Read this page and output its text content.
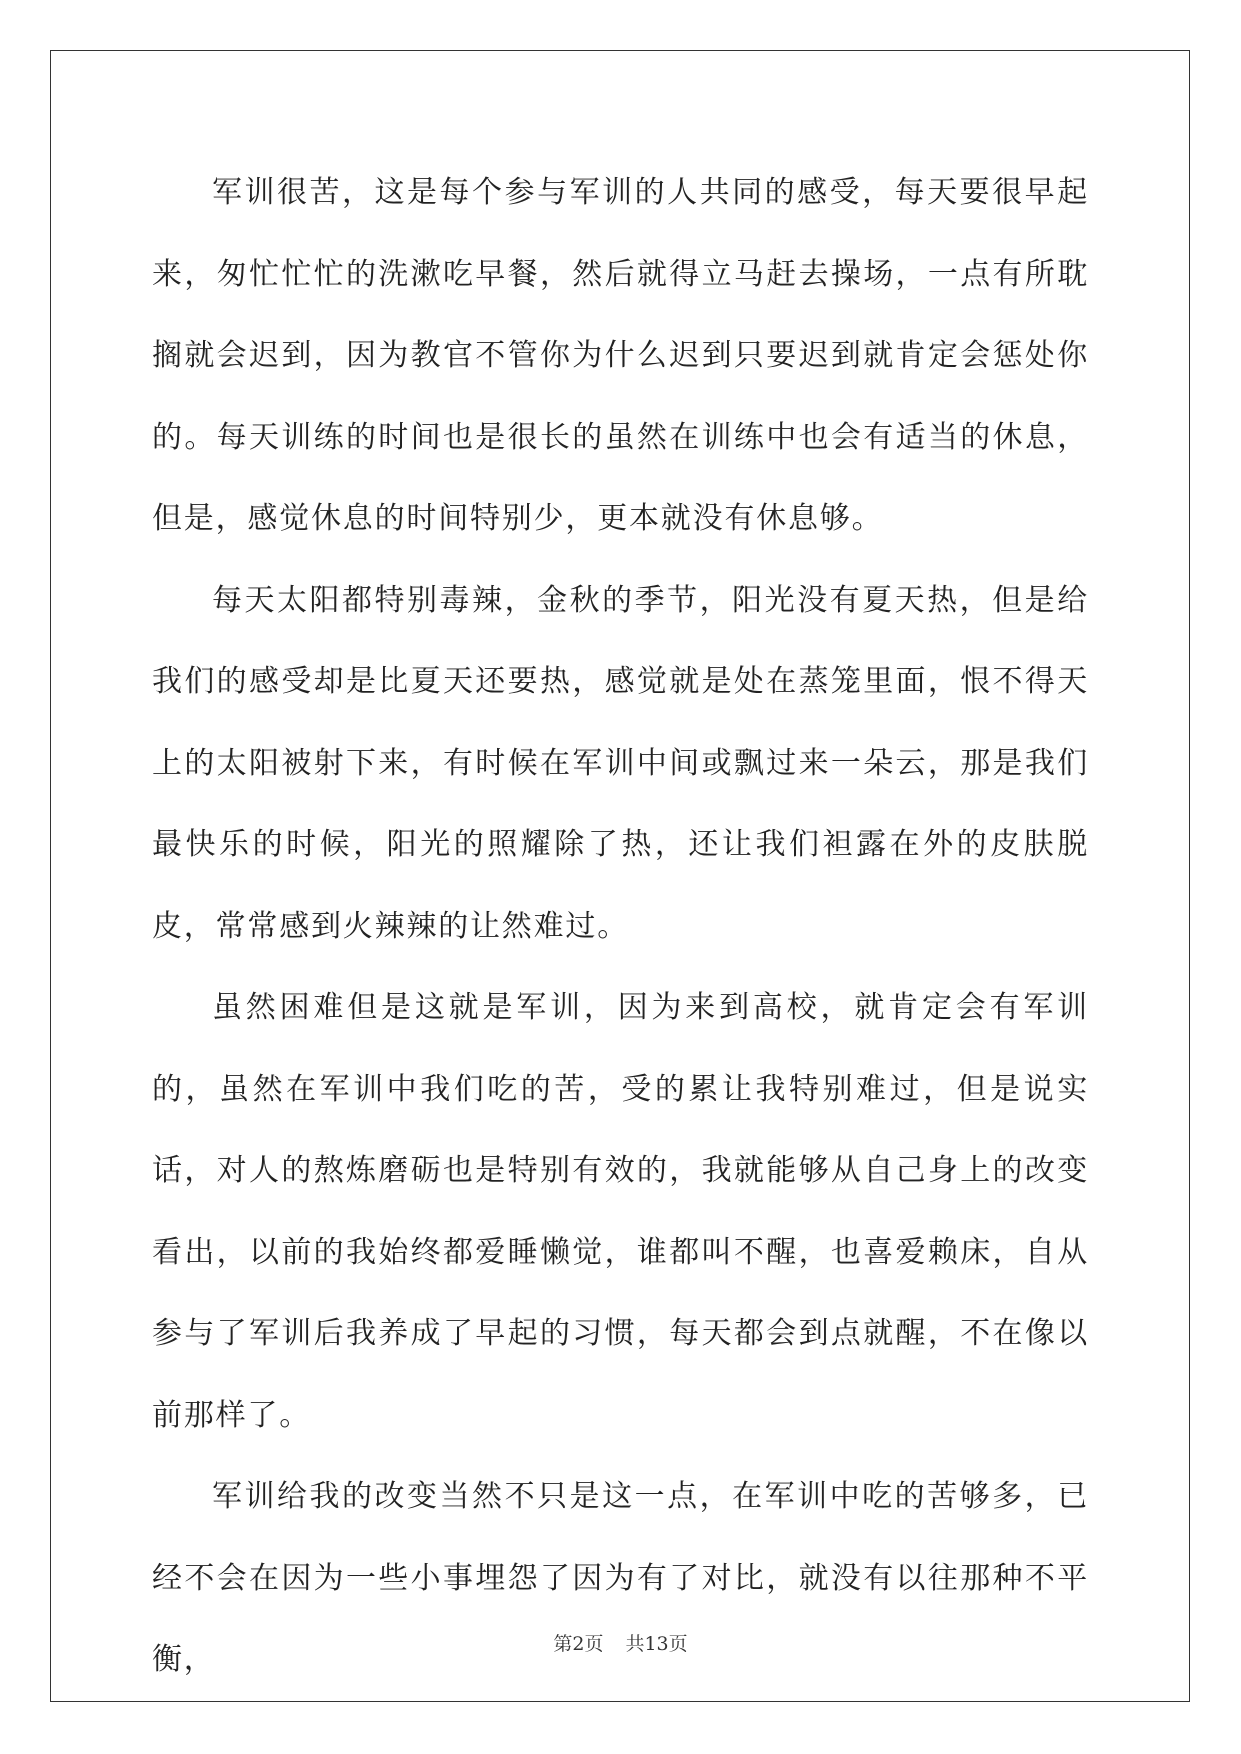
军训很苦，这是每个参与军训的人共同的感受，每天要很早起来，匆忙忙忙的洗漱吃早餐，然后就得立马赶去操场，一点有所耽搁就会迟到，因为教官不管你为什么迟到只要迟到就肯定会惩处你的。每天训练的时间也是很长的虽然在训练中也会有适当的休息，但是，感觉休息的时间特别少，更本就没有休息够。

每天太阳都特别毒辣，金秋的季节，阳光没有夏天热，但是给我们的感受却是比夏天还要热，感觉就是处在蒸笼里面，恨不得天上的太阳被射下来，有时候在军训中间或飘过来一朵云，那是我们最快乐的时候，阳光的照耀除了热，还让我们袒露在外的皮肤脱皮，常常感到火辣辣的让然难过。

虽然困难但是这就是军训，因为来到高校，就肯定会有军训的，虽然在军训中我们吃的苦，受的累让我特别难过，但是说实话，对人的熬炼磨砺也是特别有效的，我就能够从自己身上的改变看出，以前的我始终都爱睡懒觉，谁都叫不醒，也喜爱赖床，自从参与了军训后我养成了早起的习惯，每天都会到点就醒，不在像以前那样了。

军训给我的改变当然不只是这一点，在军训中吃的苦够多，已经不会在因为一些小事埋怨了因为有了对比，就没有以往那种不平衡，	第2页 共13页
